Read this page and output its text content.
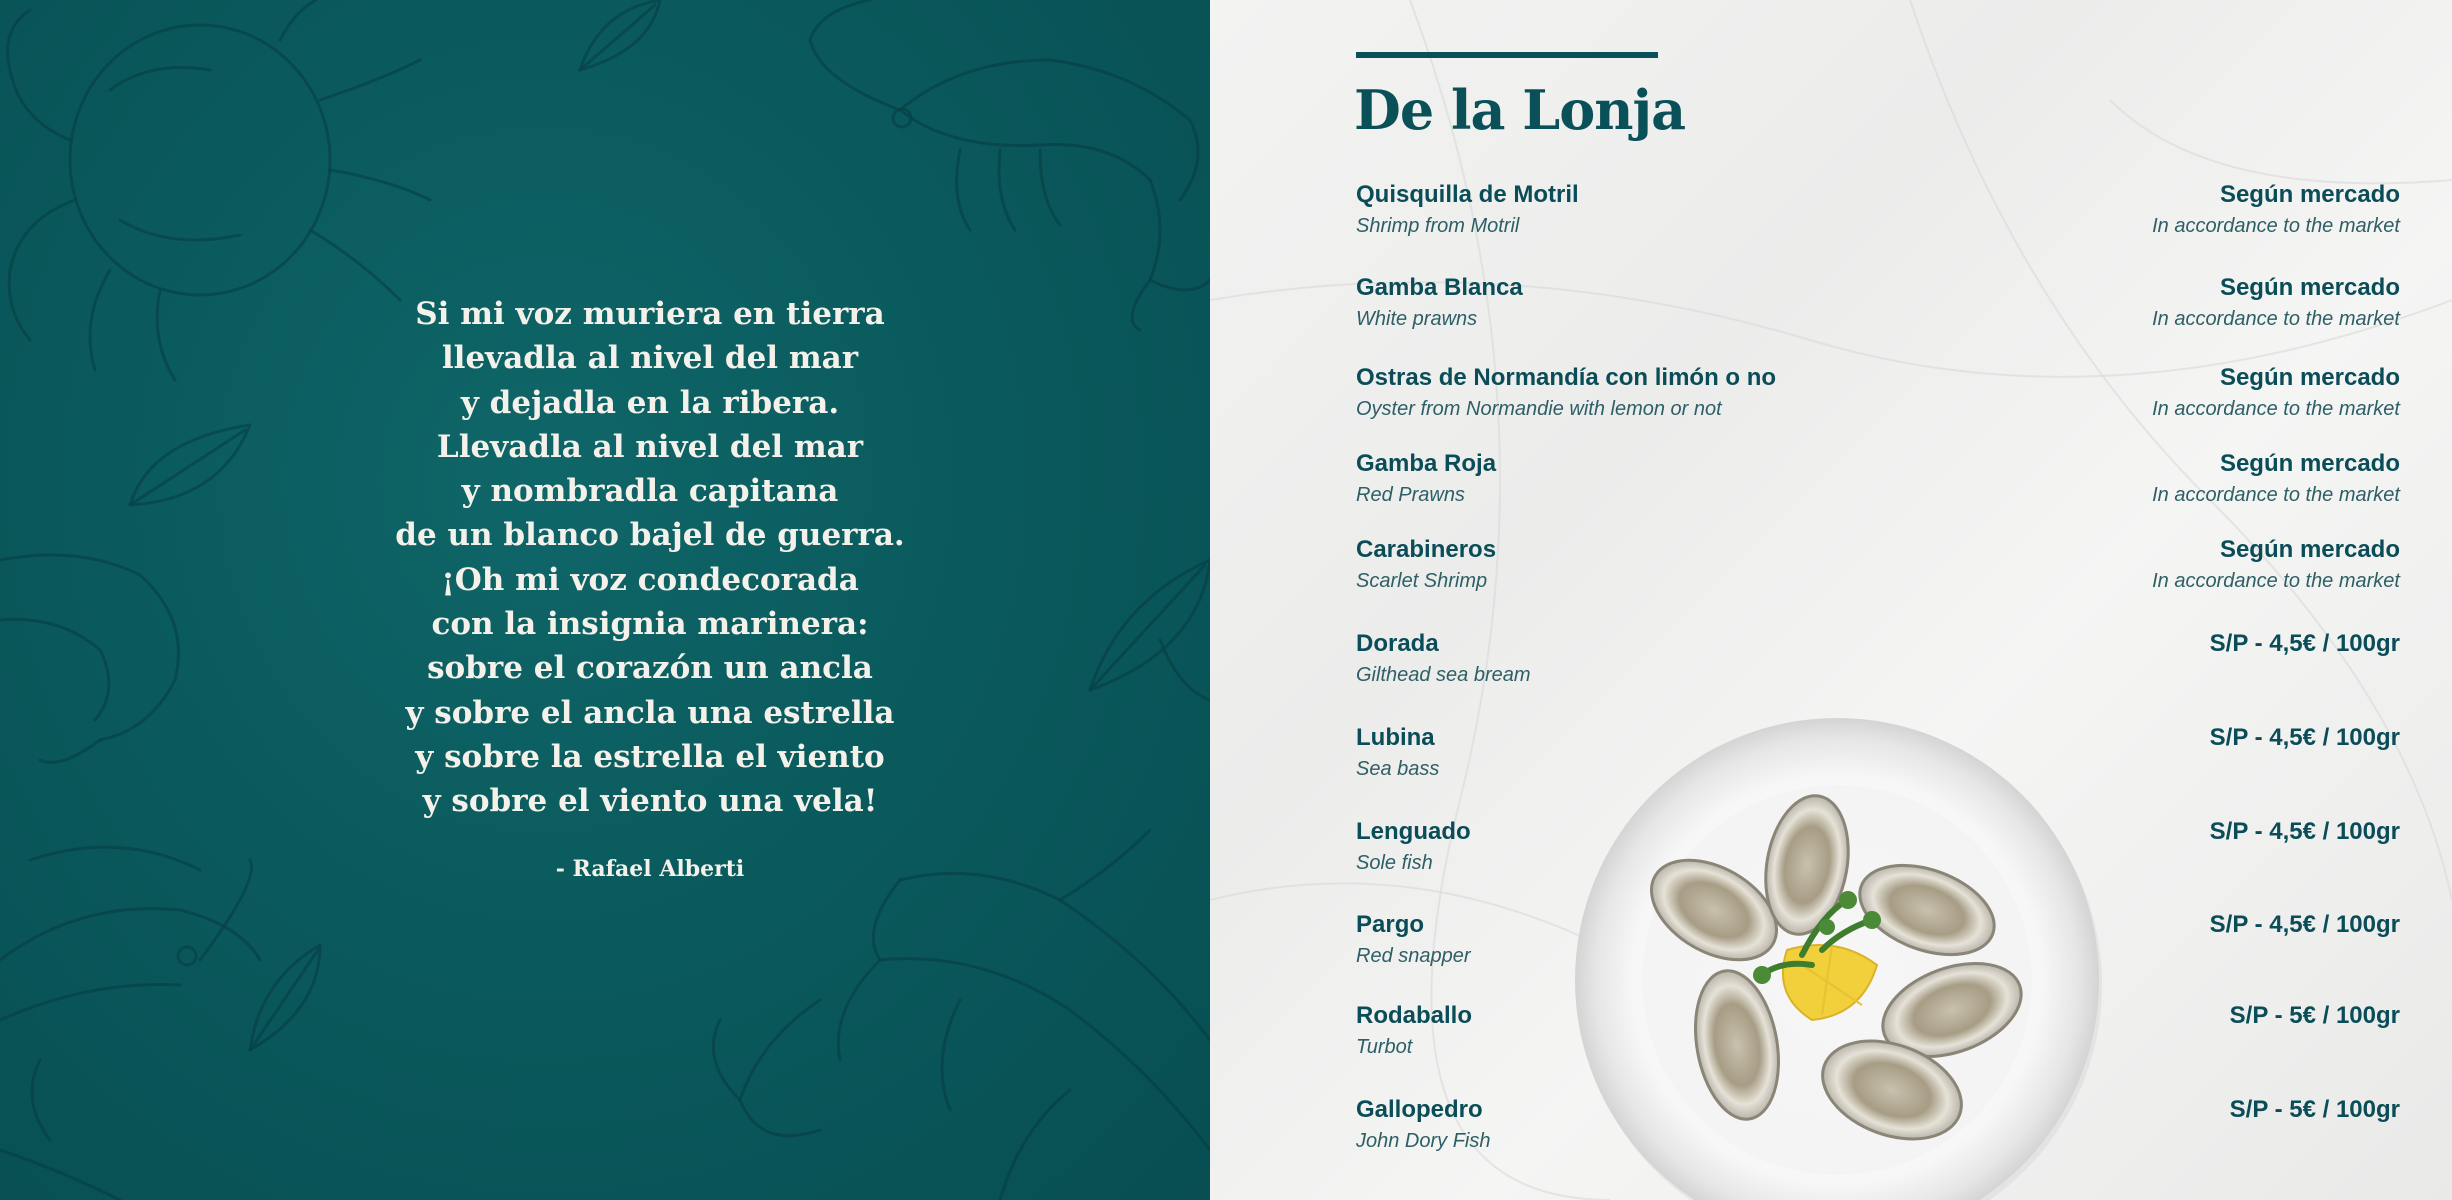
Si mi voz muriera en tierra
llevadla al nivel del mar
y dejadla en la ribera.
Llevadla al nivel del mar
y nombradla capitana
de un blanco bajel de guerra.
¡Oh mi voz condecorada
con la insignia marinera:
sobre el corazón un ancla
y sobre el ancla una estrella
y sobre la estrella el viento
y sobre el viento una vela!
- Rafael Alberti
De la Lonja
Quisquilla de Motril
Shrimp from Motril
Según mercado
In accordance to the market
Gamba Blanca
White prawns
Según mercado
In accordance to the market
Ostras de Normandía con limón o no
Oyster from Normandie with lemon or not
Según mercado
In accordance to the market
Gamba Roja
Red Prawns
Según mercado
In accordance to the market
Carabineros
Scarlet Shrimp
Según mercado
In accordance to the market
Dorada
Gilthead sea bream
S/P - 4,5€ / 100gr
Lubina
Sea bass
S/P - 4,5€ / 100gr
Lenguado
Sole fish
S/P - 4,5€ / 100gr
Pargo
Red snapper
S/P - 4,5€ / 100gr
Rodaballo
Turbot
S/P - 5€ / 100gr
Gallopedro
John Dory Fish
S/P - 5€ / 100gr
